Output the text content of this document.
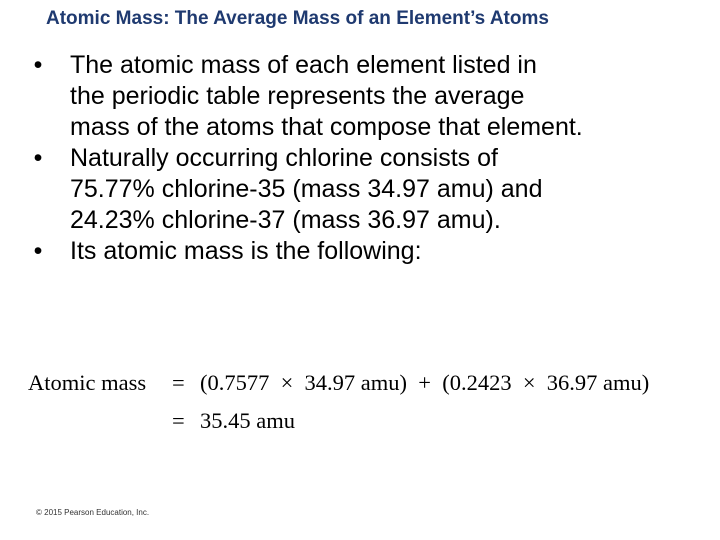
Atomic Mass: The Average Mass of an Element’s Atoms
•	The atomic mass of each element listed in
the periodic table represents the average
mass of the atoms that compose that element.
•	Naturally occurring chlorine consists of
75.77% chlorine-35 (mass 34.97 amu) and
24.23% chlorine-37 (mass 36.97 amu).
•	Its atomic mass is the following:
Atomic mass = (0.7577  ×  34.97 amu)  +  (0.2423  ×  36.97 amu)
= 35.45 amu
© 2015 Pearson Education, Inc.
